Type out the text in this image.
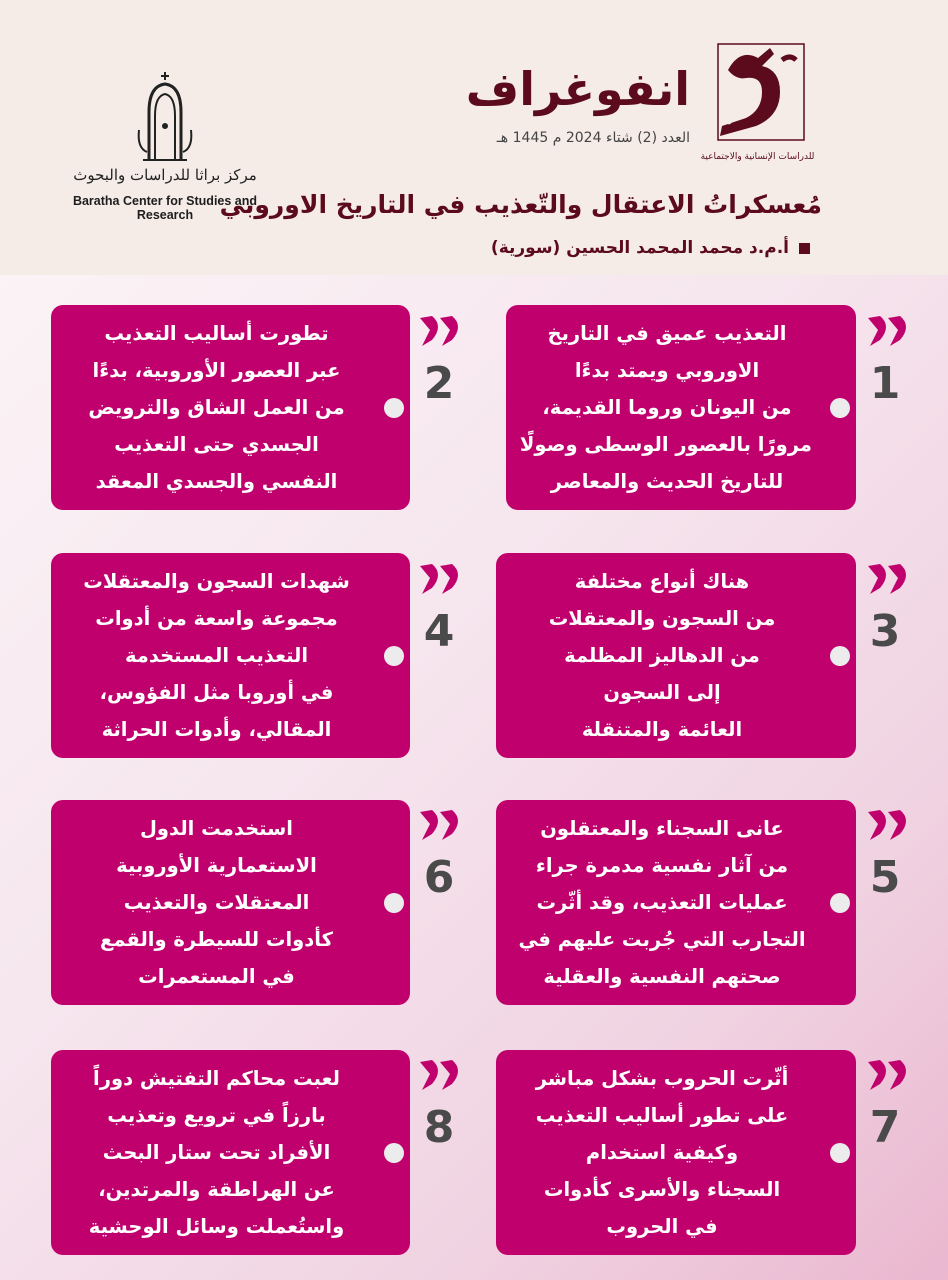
مركز براثا للدراسات والبحوث
Baratha Center for Studies and Research
للدراسات الإنسانية والاجتماعية
انفوغراف
العدد (2) شتاء 2024 م 1445 هـ
مُعسكراتُ الاعتقال والتّعذيب في التاريخ الاوروبي
أ.م.د محمد المحمد الحسين (سورية)
1
التعذيب عميق في التاريخ
الاوروبي ويمتد بدءًا
من اليونان وروما القديمة،
مرورًا بالعصور الوسطى وصولًا
للتاريخ الحديث والمعاصر
2
تطورت أساليب التعذيب
عبر العصور الأوروبية، بدءًا
من العمل الشاق والترويض
الجسدي حتى التعذيب
النفسي والجسدي المعقد
3
هناك أنواع مختلفة
من السجون والمعتقلات
من الدهاليز المظلمة
إلى السجون
العائمة والمتنقلة
4
شهدات السجون والمعتقلات
مجموعة واسعة من أدوات
التعذيب المستخدمة
في أوروبا مثل الفؤوس،
المقالي، وأدوات الحراثة
5
عانى السجناء والمعتقلون
من آثار نفسية مدمرة جراء
عمليات التعذيب، وقد أثّرت
التجارب التي جُربت عليهم في
صحتهم النفسية والعقلية
6
استخدمت الدول
الاستعمارية الأوروبية
المعتقلات والتعذيب
كأدوات للسيطرة والقمع
في المستعمرات
7
أثّرت الحروب بشكل مباشر
على تطور أساليب التعذيب
وكيفية استخدام
السجناء والأسرى كأدوات
في الحروب
8
لعبت محاكم التفتيش دوراً
بارزاً في ترويع وتعذيب
الأفراد تحت ستار البحث
عن الهراطقة والمرتدين،
واستُعملت وسائل الوحشية
